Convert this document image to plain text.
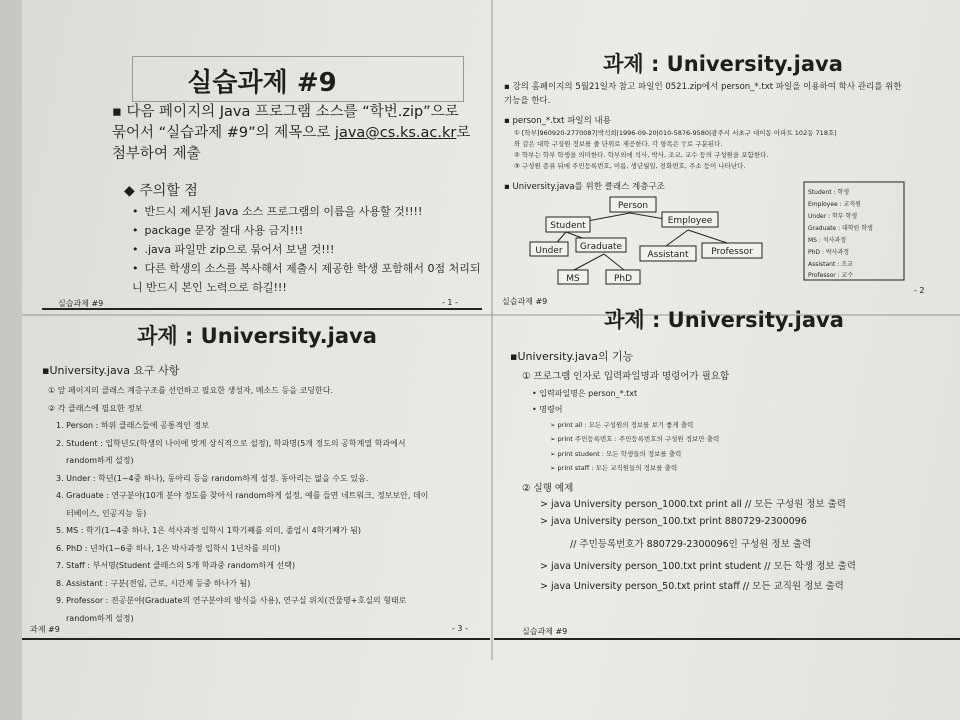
실습과제 #9
▪ 다음 페이지의 Java 프로그램 소스를 “학번.zip”으로 묶어서 “실습과제 #9”의 제목으로 java@cs.ks.ac.kr로 첨부하여 제출
◆ 주의할 점
• 반드시 제시된 Java 소스 프로그램의 이름을 사용할 것!!!!
• package 문장 절대 사용 금지!!!
• .java 파일만 zip으로 묶어서 보낼 것!!!
• 다른 학생의 소스를 복사해서 제출시 제공한 학생 포함해서 0점 처리되니 반드시 본인 노력으로 하길!!!
실습과제 #9	- 1 -
과제 : University.java
▪ 강의 홈페이지의 5월21일자 참고 파일인 0521.zip에서 person_*.txt 파일을 이용하여 학사 관리를 위한 기능을 한다.
▪ person_*.txt 파일의 내용
① [학부]960920-2770087|박석희|1996-09-20|010-5876-9580|광주시 서초구 대이동 아파트 102동 718호|
와 같은 대학 구성원 정보를 줄 단위로 제공한다. 각 항목은 '|'로 구분된다.
② 학부는 학부 학생을 의미한다. 학부외에 석사, 박사, 조교, 교수 등의 구성원을 포함한다.
③ 구성원 종류 뒤에 주민등록번호, 이름, 생년월일, 전화번호, 주소 등이 나타난다.
▪ University.java를 위한 클래스 계층구조
Person
Student	Employee
Under Graduate
Assistant	Professor
MS	PhD
Student : 학생
Employee : 교직원
Under : 학부 학생
Graduate : 대학원 학생
MS : 석사과정
PhD : 박사과정
Assistant : 조교
Professor : 교수
실습과제 #9
- 2
과제 : University.java
▪University.java 요구 사항
① 앞 페이지의 클래스 계층구조를 선언하고 필요한 생성자, 메소드 등을 코딩한다.
② 각 클래스에 필요한 정보
1. Person : 하위 클래스들에 공통적인 정보
2. Student : 입학년도(학생의 나이에 맞게 상식적으로 설정), 학과명(5개 정도의 공학계열 학과에서
random하게 설정)
3. Under : 학년(1~4중 하나), 동아리 등을 random하게 설정. 동아리는 없을 수도 있음.
4. Graduate : 연구분야(10개 분야 정도를 찾아서 random하게 설정, 예를 들면 네트워크, 정보보안, 데이
터베이스, 인공지능 등)
5. MS : 학기(1~4중 하나, 1은 석사과정 입학시 1학기째를 의미, 졸업시 4학기째가 됨)
6. PhD : 년차(1~6중 하나, 1은 박사과정 입학시 1년차를 의미)
7. Staff : 부서명(Student 클래스의 5개 학과중 random하게 선택)
8. Assistant : 구분(전임, 근로, 시간제 등중 하나가 됨)
9. Professor : 전공분야(Graduate의 연구분야의 방식을 사용), 연구실 위치(건물명+호실의 형태로
random하게 설정)
과제 #9	- 3 -
과제 : University.java
▪University.java의 기능
① 프로그램 인자로 입력파일명과 명령어가 필요함
• 입력파일명은 person_*.txt
• 명령어
➢ print all : 모든 구성원의 정보를 보기 좋게 출력
➢ print 주민등록번호 : 주민등록번호의 구성원 정보만 출력
➢ print student : 모든 학생들의 정보를 출력
➢ print staff : 모든 교직원들의 정보를 출력
② 실행 예제
> java University person_1000.txt print all // 모든 구성원 정보 출력
> java University person_100.txt print 880729-2300096
// 주민등록번호가 880729-2300096인 구성원 정보 출력
> java University person_100.txt print student // 모든 학생 정보 출력
> java University person_50.txt print staff // 모든 교직원 정보 출력
실습과제 #9
